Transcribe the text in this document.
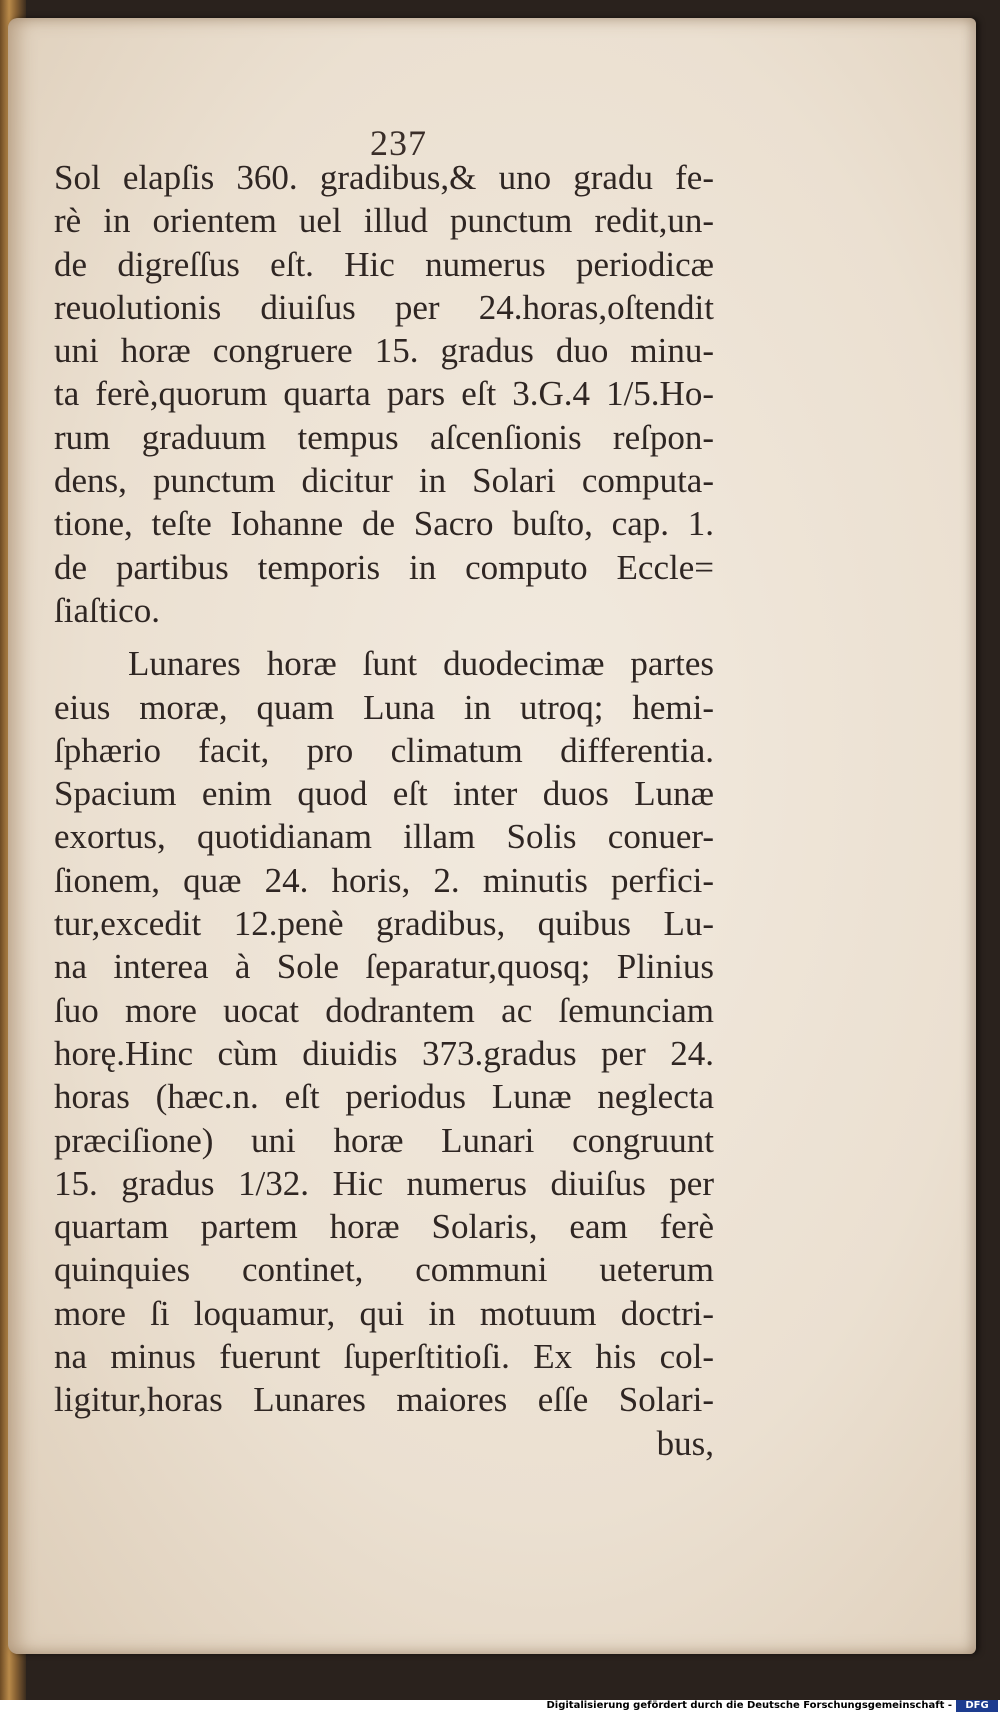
237
Sol elapſis 360. gradibus,& uno gradu fe-
rè in orientem uel illud punctum redit,un-
de digreſſus eſt. Hic numerus periodicæ
reuolutionis diuiſus per 24.horas,oſtendit
uni horæ congruere 15. gradus duo minu-
ta ferè,quorum quarta pars eſt 3.G.4 1/5.Ho-
rum graduum tempus aſcenſionis reſpon-
dens, punctum dicitur in Solari computa-
tione, teſte Iohanne de Sacro buſto, cap. 1.
de partibus temporis in computo Eccle=
ſiaſtico.
Lunares horæ ſunt duodecimæ partes
eius moræ, quam Luna in utroq; hemi-
ſphærio facit, pro climatum differentia.
Spacium enim quod eſt inter duos Lunæ
exortus, quotidianam illam Solis conuer-
ſionem, quæ 24. horis, 2. minutis perfici-
tur,excedit 12.penè gradibus, quibus Lu-
na interea à Sole ſeparatur,quosq; Plinius
ſuo more uocat dodrantem ac ſemunciam
horę.Hinc cùm diuidis 373.gradus per 24.
horas (hæc.n. eſt periodus Lunæ neglecta
præciſione) uni horæ Lunari congruunt
15. gradus 1/32. Hic numerus diuiſus per
quartam partem horæ Solaris, eam ferè
quinquies continet, communi ueterum
more ſi loquamur, qui in motuum doctri-
na minus fuerunt ſuperſtitioſi. Ex his col-
ligitur,horas Lunares maiores eſſe Solari-
bus,
Digitalisierung gefördert durch die Deutsche Forschungsgemeinschaft -	DFG
